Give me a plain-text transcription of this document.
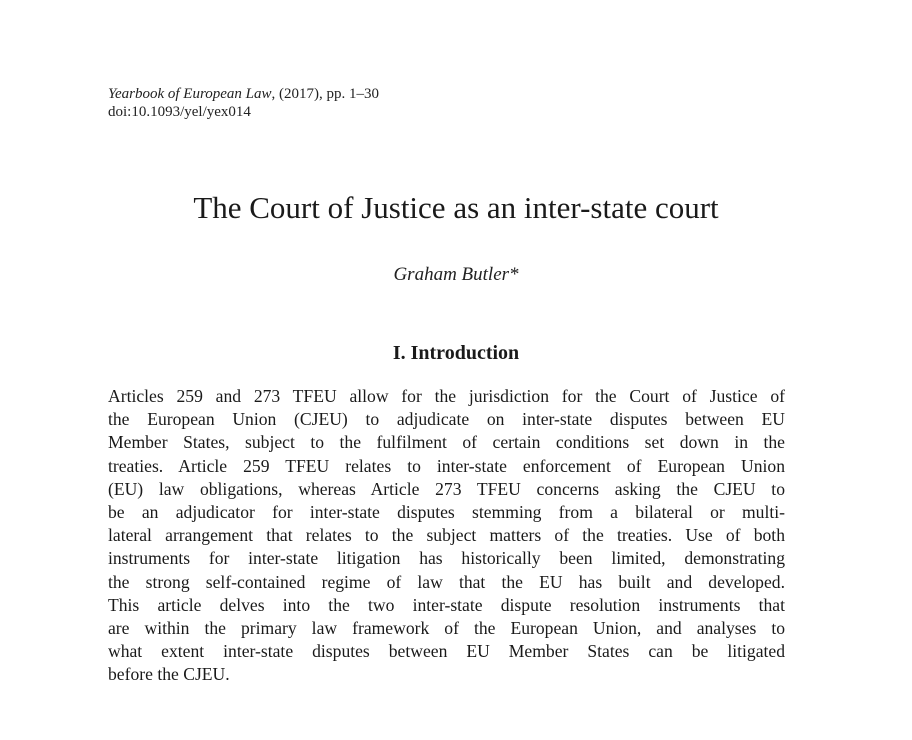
Yearbook of European Law, (2017), pp. 1–30
doi:10.1093/yel/yex014
The Court of Justice as an inter-state court
Graham Butler*
I. Introduction
Articles 259 and 273 TFEU allow for the jurisdiction for the Court of Justice of
the European Union (CJEU) to adjudicate on inter-state disputes between EU
Member States, subject to the fulfilment of certain conditions set down in the
treaties. Article 259 TFEU relates to inter-state enforcement of European Union
(EU) law obligations, whereas Article 273 TFEU concerns asking the CJEU to
be an adjudicator for inter-state disputes stemming from a bilateral or multi-
lateral arrangement that relates to the subject matters of the treaties. Use of both
instruments for inter-state litigation has historically been limited, demonstrating
the strong self-contained regime of law that the EU has built and developed.
This article delves into the two inter-state dispute resolution instruments that
are within the primary law framework of the European Union, and analyses to
what extent inter-state disputes between EU Member States can be litigated
before the CJEU.
